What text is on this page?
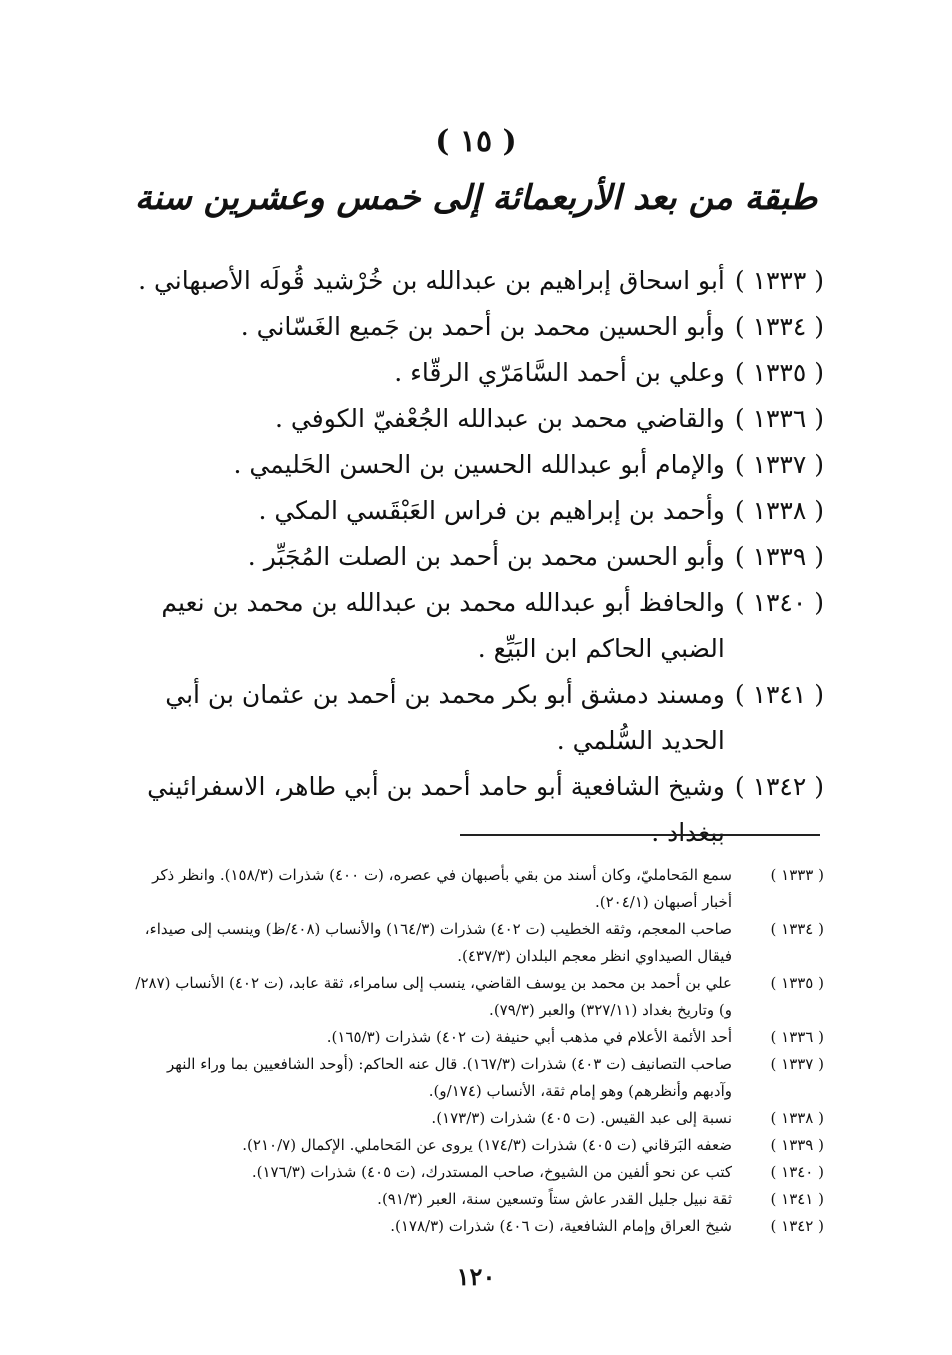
( ١٥ )
طبقة من بعد الأربعمائة إلى خمس وعشرين سنة
( ١٣٣٣ )
أبو اسحاق إبراهيم بن عبدالله بن خُرْشيد قُولَه الأصبهاني .
( ١٣٣٤ )
وأبو الحسين محمد بن أحمد بن جَميع الغَسّاني .
( ١٣٣٥ )
وعلي بن أحمد السَّامَرّي الرقّاء .
( ١٣٣٦ )
والقاضي محمد بن عبدالله الجُعْفيّ الكوفي .
( ١٣٣٧ )
والإمام أبو عبدالله الحسين بن الحسن الحَليمي .
( ١٣٣٨ )
وأحمد بن إبراهيم بن فراس العَبْقَسي المكي .
( ١٣٣٩ )
وأبو الحسن محمد بن أحمد بن الصلت المُجَبِّر .
( ١٣٤٠ )
والحافظ أبو عبدالله محمد بن عبدالله بن محمد بن نعيم الضبي الحاكم ابن البَيِّع .
( ١٣٤١ )
ومسند دمشق أبو بكر محمد بن أحمد بن عثمان بن أبي الحديد السُّلمي .
( ١٣٤٢ )
وشيخ الشافعية أبو حامد أحمد بن أبي طاهر، الاسفرائيني ببغداد .
( ١٣٣٣ )
سمع المَحامليّ، وكان أسند من بقي بأصبهان في عصره، (ت ٤٠٠) شذرات (١٥٨/٣). وانظر ذكر أخبار أصبهان (٢٠٤/١).
( ١٣٣٤ )
صاحب المعجم، وثقه الخطيب (ت ٤٠٢) شذرات (١٦٤/٣) والأنساب (٤٠٨/ظ) وينسب إلى صيداء، فيقال الصيداوي انظر معجم البلدان (٤٣٧/٣).
( ١٣٣٥ )
علي بن أحمد بن محمد بن يوسف القاضي، ينسب إلى سامراء، ثقة عابد، (ت ٤٠٢) الأنساب (٢٨٧/و) وتاريخ بغداد (٣٢٧/١١) والعبر (٧٩/٣).
( ١٣٣٦ )
أحد الأئمة الأعلام في مذهب أبي حنيفة (ت ٤٠٢) شذرات (١٦٥/٣).
( ١٣٣٧ )
صاحب التصانيف (ت ٤٠٣) شذرات (١٦٧/٣). قال عنه الحاكم: (أوحد الشافعيين بما وراء النهر وآدبهم وأنظرهم) وهو إمام ثقة، الأنساب (١٧٤/و).
( ١٣٣٨ )
نسبة إلى عبد القيس. (ت ٤٠٥) شذرات (١٧٣/٣).
( ١٣٣٩ )
ضعفه البَرقاني (ت ٤٠٥) شذرات (١٧٤/٣) يروى عن المَحاملي. الإكمال (٢١٠/٧).
( ١٣٤٠ )
كتب عن نحو ألفين من الشيوخ، صاحب المستدرك، (ت ٤٠٥) شذرات (١٧٦/٣).
( ١٣٤١ )
ثقة نبيل جليل القدر عاش ستاً وتسعين سنة، العبر (٩١/٣).
( ١٣٤٢ )
شيخ العراق وإمام الشافعية، (ت ٤٠٦) شذرات (١٧٨/٣).
١٢٠
